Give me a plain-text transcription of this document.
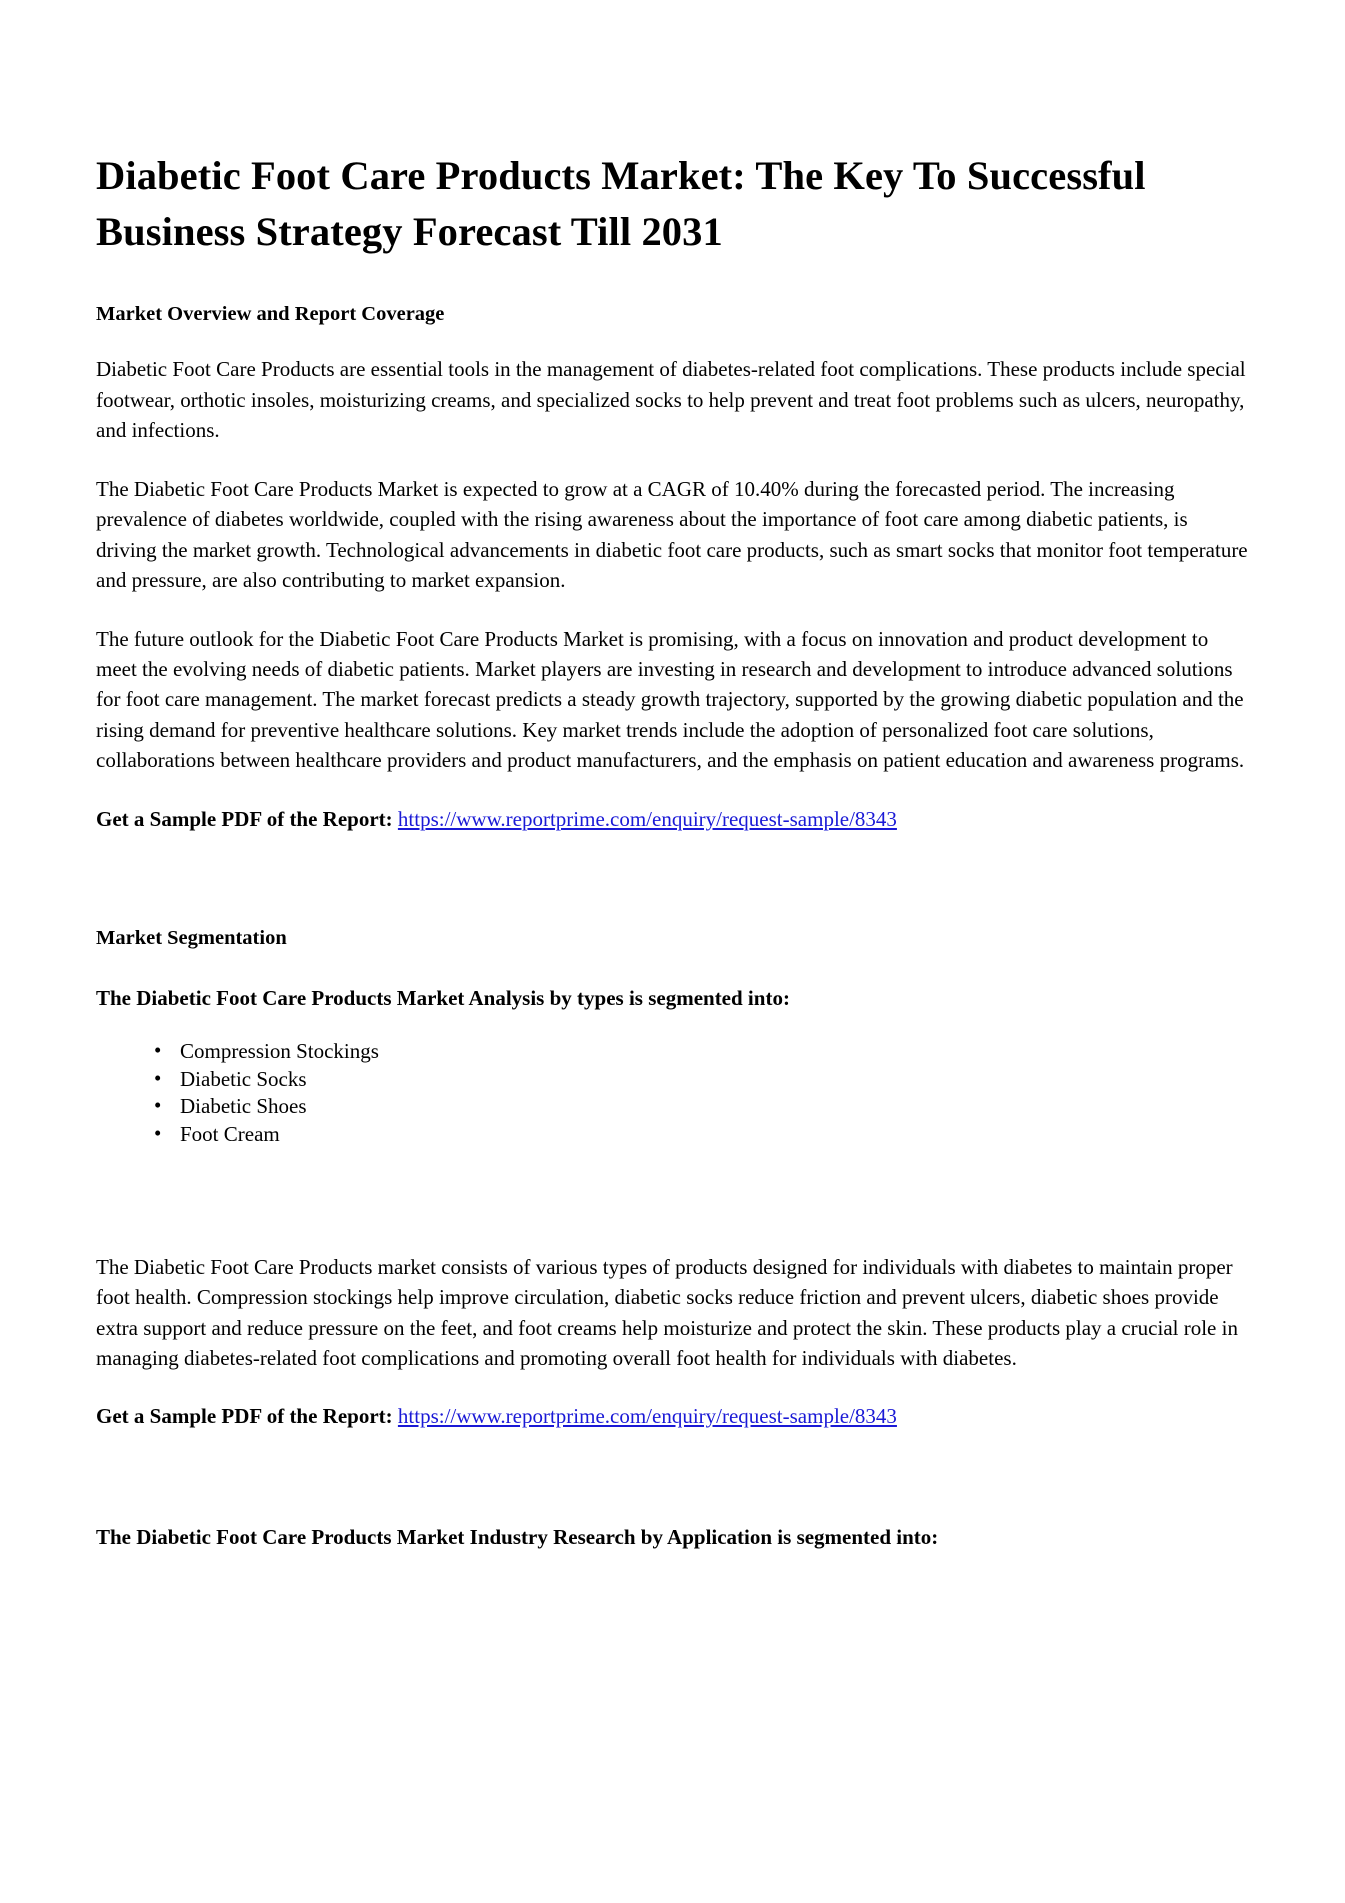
Diabetic Foot Care Products Market: The Key To Successful Business Strategy Forecast Till 2031
Market Overview and Report Coverage

Diabetic Foot Care Products are essential tools in the management of diabetes-related foot complications. These products include special footwear, orthotic insoles, moisturizing creams, and specialized socks to help prevent and treat foot problems such as ulcers, neuropathy, and infections.

The Diabetic Foot Care Products Market is expected to grow at a CAGR of 10.40% during the forecasted period. The increasing prevalence of diabetes worldwide, coupled with the rising awareness about the importance of foot care among diabetic patients, is driving the market growth. Technological advancements in diabetic foot care products, such as smart socks that monitor foot temperature and pressure, are also contributing to market expansion.

The future outlook for the Diabetic Foot Care Products Market is promising, with a focus on innovation and product development to meet the evolving needs of diabetic patients. Market players are investing in research and development to introduce advanced solutions for foot care management. The market forecast predicts a steady growth trajectory, supported by the growing diabetic population and the rising demand for preventive healthcare solutions. Key market trends include the adoption of personalized foot care solutions, collaborations between healthcare providers and product manufacturers, and the emphasis on patient education and awareness programs.

Get a Sample PDF of the Report: https://www.reportprime.com/enquiry/request-sample/8343
Market Segmentation
The Diabetic Foot Care Products Market Analysis by types is segmented into:
• Compression Stockings
• Diabetic Socks
• Diabetic Shoes
• Foot Cream

The Diabetic Foot Care Products market consists of various types of products designed for individuals with diabetes to maintain proper foot health. Compression stockings help improve circulation, diabetic socks reduce friction and prevent ulcers, diabetic shoes provide extra support and reduce pressure on the feet, and foot creams help moisturize and protect the skin. These products play a crucial role in managing diabetes-related foot complications and promoting overall foot health for individuals with diabetes.

Get a Sample PDF of the Report: https://www.reportprime.com/enquiry/request-sample/8343
The Diabetic Foot Care Products Market Industry Research by Application is segmented into:
